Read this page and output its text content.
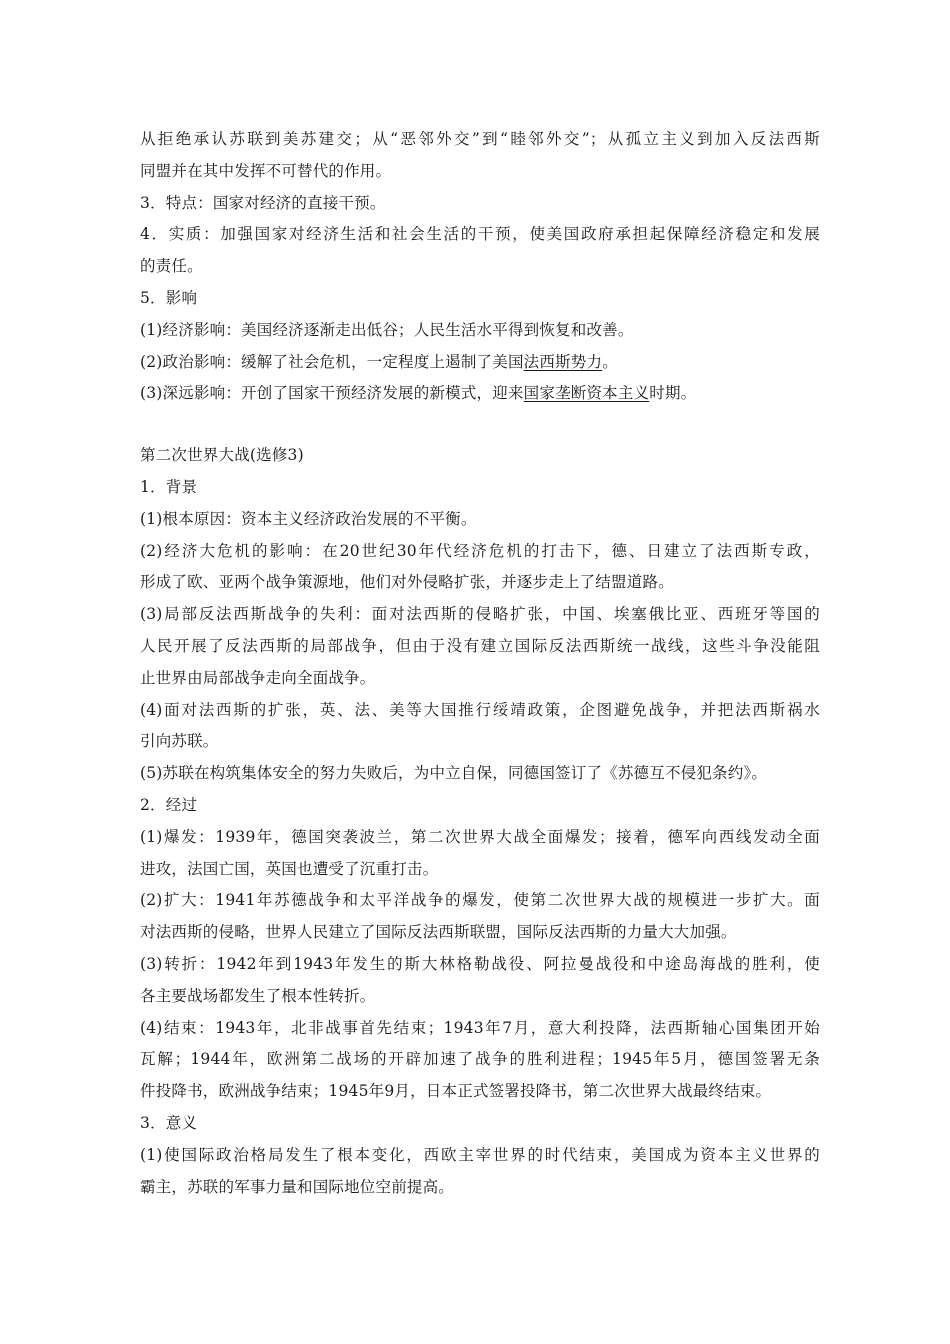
从拒绝承认苏联到美苏建交；从“恶邻外交”到“睦邻外交”；从孤立主义到加入反法西斯
同盟并在其中发挥不可替代的作用。
3．特点：国家对经济的直接干预。
4．实质：加强国家对经济生活和社会生活的干预，使美国政府承担起保障经济稳定和发展
的责任。
5．影响
(1)经济影响：美国经济逐渐走出低谷；人民生活水平得到恢复和改善。
(2)政治影响：缓解了社会危机，一定程度上遏制了美国法西斯势力。
(3)深远影响：开创了国家干预经济发展的新模式，迎来国家垄断资本主义时期。
第二次世界大战(选修3)
1．背景
(1)根本原因：资本主义经济政治发展的不平衡。
(2)经济大危机的影响：在20世纪30年代经济危机的打击下，德、日建立了法西斯专政，
形成了欧、亚两个战争策源地，他们对外侵略扩张，并逐步走上了结盟道路。
(3)局部反法西斯战争的失利：面对法西斯的侵略扩张，中国、埃塞俄比亚、西班牙等国的
人民开展了反法西斯的局部战争，但由于没有建立国际反法西斯统一战线，这些斗争没能阻
止世界由局部战争走向全面战争。
(4)面对法西斯的扩张，英、法、美等大国推行绥靖政策，企图避免战争，并把法西斯祸水
引向苏联。
(5)苏联在构筑集体安全的努力失败后，为中立自保，同德国签订了《苏德互不侵犯条约》。
2．经过
(1)爆发：1939年，德国突袭波兰，第二次世界大战全面爆发；接着，德军向西线发动全面
进攻，法国亡国，英国也遭受了沉重打击。
(2)扩大：1941年苏德战争和太平洋战争的爆发，使第二次世界大战的规模进一步扩大。面
对法西斯的侵略，世界人民建立了国际反法西斯联盟，国际反法西斯的力量大大加强。
(3)转折：1942年到1943年发生的斯大林格勒战役、阿拉曼战役和中途岛海战的胜利，使
各主要战场都发生了根本性转折。
(4)结束：1943年，北非战事首先结束；1943年7月，意大利投降，法西斯轴心国集团开始
瓦解；1944年，欧洲第二战场的开辟加速了战争的胜利进程；1945年5月，德国签署无条
件投降书，欧洲战争结束；1945年9月，日本正式签署投降书，第二次世界大战最终结束。
3．意义
(1)使国际政治格局发生了根本变化，西欧主宰世界的时代结束，美国成为资本主义世界的
霸主，苏联的军事力量和国际地位空前提高。
